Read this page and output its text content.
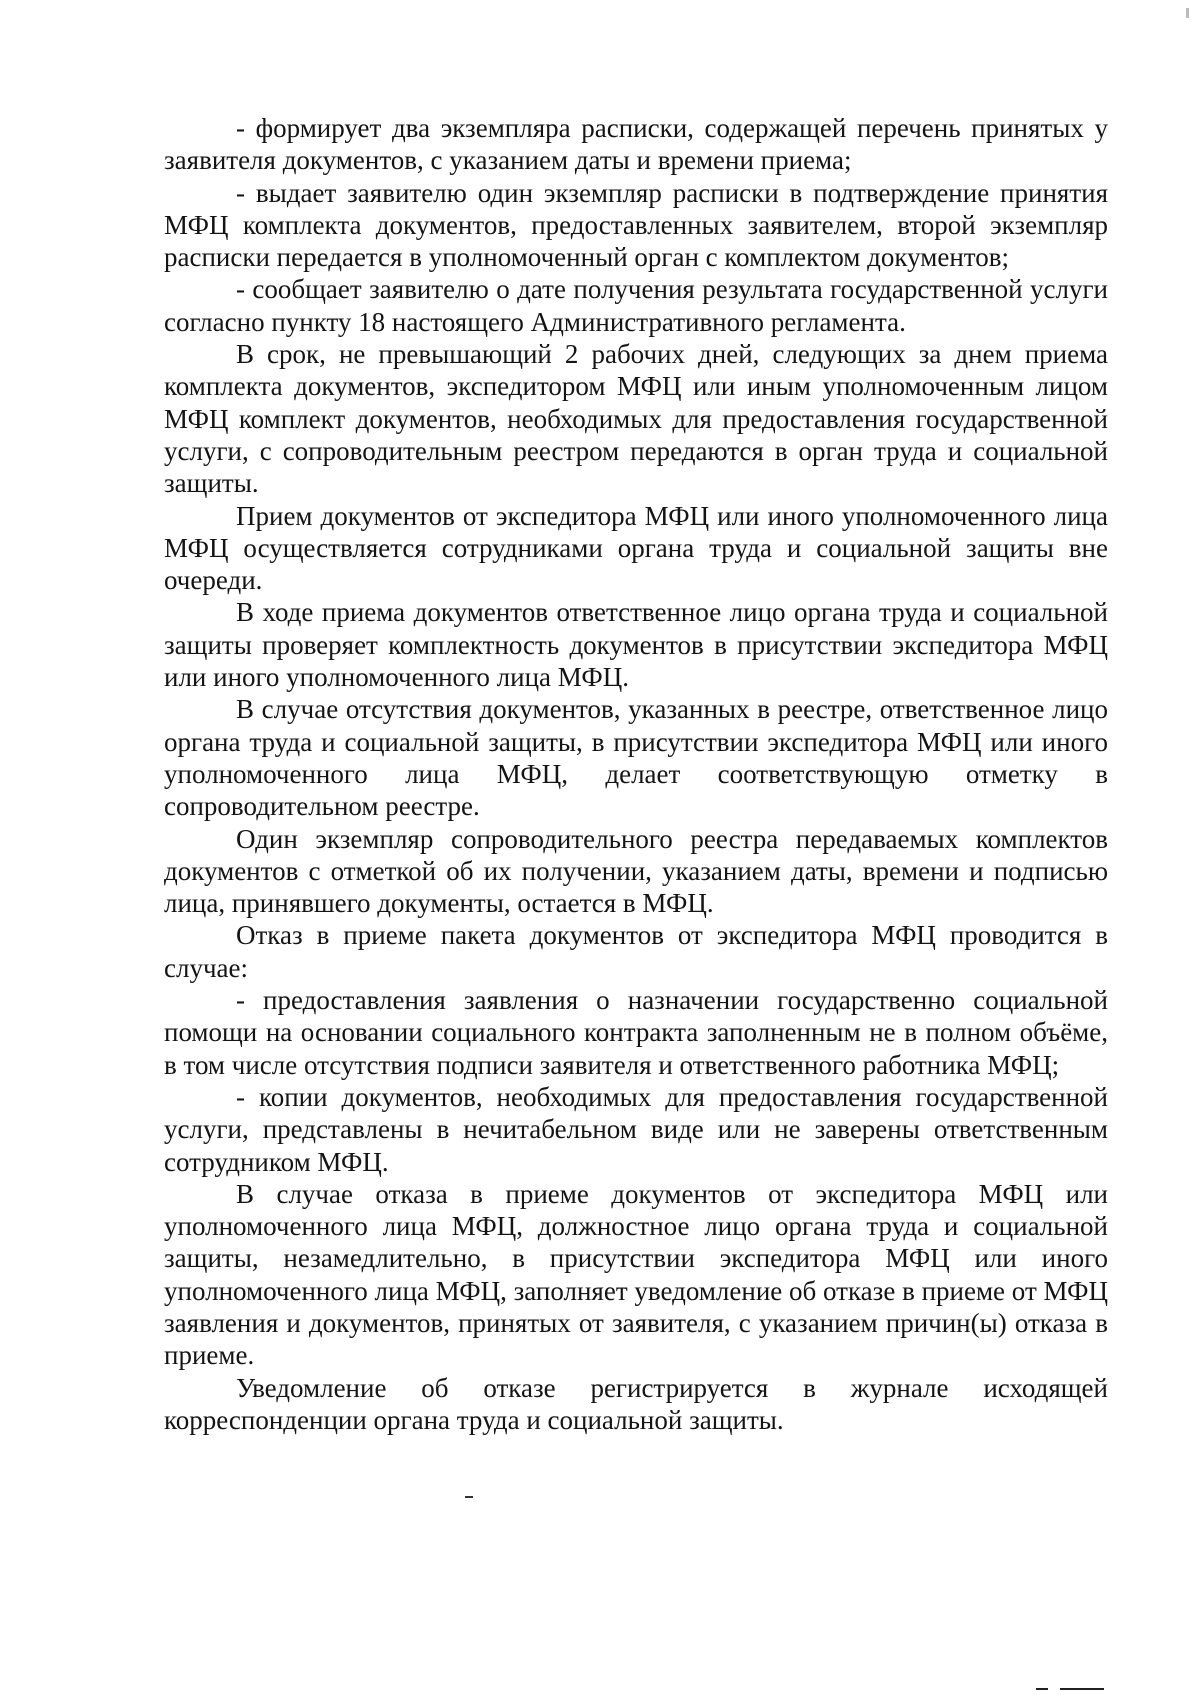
- формирует два экземпляра расписки, содержащей перечень принятых у заявителя документов, с указанием даты и времени приема;

- выдает заявителю один экземпляр расписки в подтверждение принятия МФЦ комплекта документов, предоставленных заявителем, второй экземпляр расписки передается в уполномоченный орган с комплектом документов;

- сообщает заявителю о дате получения результата государственной услуги согласно пункту 18 настоящего Административного регламента.

В срок, не превышающий 2 рабочих дней, следующих за днем приема комплекта документов, экспедитором МФЦ или иным уполномоченным лицом МФЦ комплект документов, необходимых для предоставления государственной услуги, с сопроводительным реестром передаются в орган труда и социальной защиты.

Прием документов от экспедитора МФЦ или иного уполномоченного лица МФЦ осуществляется сотрудниками органа труда и социальной защиты вне очереди.

В ходе приема документов ответственное лицо органа труда и социальной защиты проверяет комплектность документов в присутствии экспедитора МФЦ или иного уполномоченного лица МФЦ.

В случае отсутствия документов, указанных в реестре, ответственное лицо органа труда и социальной защиты, в присутствии экспедитора МФЦ или иного уполномоченного лица МФЦ, делает соответствующую отметку в сопроводительном реестре.

Один экземпляр сопроводительного реестра передаваемых комплектов документов с отметкой об их получении, указанием даты, времени и подписью лица, принявшего документы, остается в МФЦ.

Отказ в приеме пакета документов от экспедитора МФЦ проводится в случае:

- предоставления заявления о назначении государственно социальной помощи на основании социального контракта заполненным не в полном объёме, в том числе отсутствия подписи заявителя и ответственного работника МФЦ;

- копии документов, необходимых для предоставления государственной услуги, представлены в нечитабельном виде или не заверены ответственным сотрудником МФЦ.

В случае отказа в приеме документов от экспедитора МФЦ или уполномоченного лица МФЦ, должностное лицо органа труда и социальной защиты, незамедлительно, в присутствии экспедитора МФЦ или иного уполномоченного лица МФЦ, заполняет уведомление об отказе в приеме от МФЦ заявления и документов, принятых от заявителя, с указанием причин(ы) отказа в приеме.

Уведомление об отказе регистрируется в журнале исходящей корреспонденции органа труда и социальной защиты.
